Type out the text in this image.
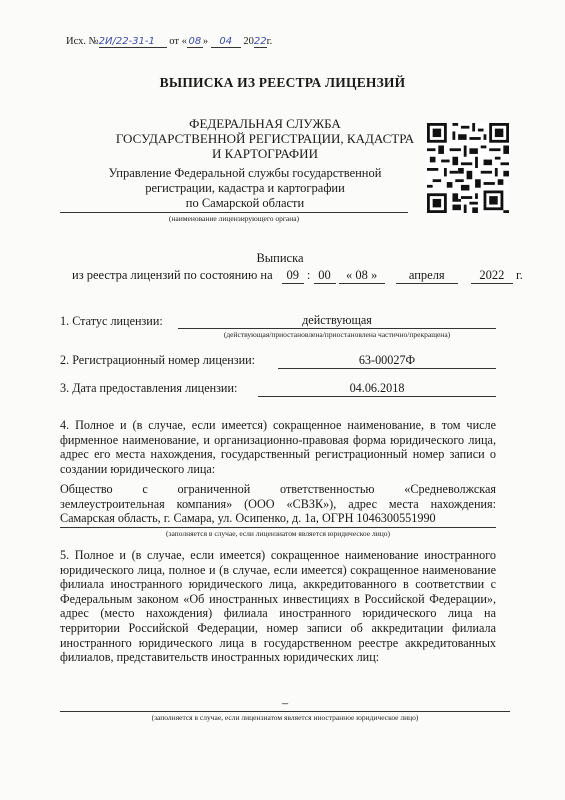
Исх. №2И/22-31-1 от « 08 » 04 2022г.
ВЫПИСКА ИЗ РЕЕСТРА ЛИЦЕНЗИЙ
ФЕДЕРАЛЬНАЯ СЛУЖБА
ГОСУДАРСТВЕННОЙ РЕГИСТРАЦИИ, КАДАСТРА
И КАРТОГРАФИИ
Управление Федеральной службы государственной
регистрации, кадастра и картографии
по Самарской области
(наименование лицензирующего органа)
Выписка
из реестра лицензий по состоянию на 09 : 00 « 08 »	апреля	2022 г.
1. Статус лицензии:	действующая
(действующая/приостановлена/приостановлена частично/прекращена)
2. Регистрационный номер лицензии:	63-00027Ф
3. Дата предоставления лицензии:	04.06.2018
4. Полное и (в случае, если имеется) сокращенное наименование, в том числе фирменное наименование, и организационно-правовая форма юридического лица, адрес его места нахождения, государственный регистрационный номер записи о создании юридического лица:
Общество с ограниченной ответственностью «Средневолжская землеустроительная компания» (ООО «СВЗК»), адрес места нахождения: Самарская область, г. Самара, ул. Осипенко, д. 1а, ОГРН 1046300551990
(заполняется в случае, если лицензиатом является юридическое лицо)
5. Полное и (в случае, если имеется) сокращенное наименование иностранного юридического лица, полное и (в случае, если имеется) сокращенное наименование филиала иностранного юридического лица, аккредитованного в соответствии с Федеральным законом «Об иностранных инвестициях в Российской Федерации», адрес (место нахождения) филиала иностранного юридического лица на территории Российской Федерации, номер записи об аккредитации филиала иностранного юридического лица в государственном реестре аккредитованных филиалов, представительств иностранных юридических лиц:
–
(заполняется в случае, если лицензиатом является иностранное юридическое лицо)
